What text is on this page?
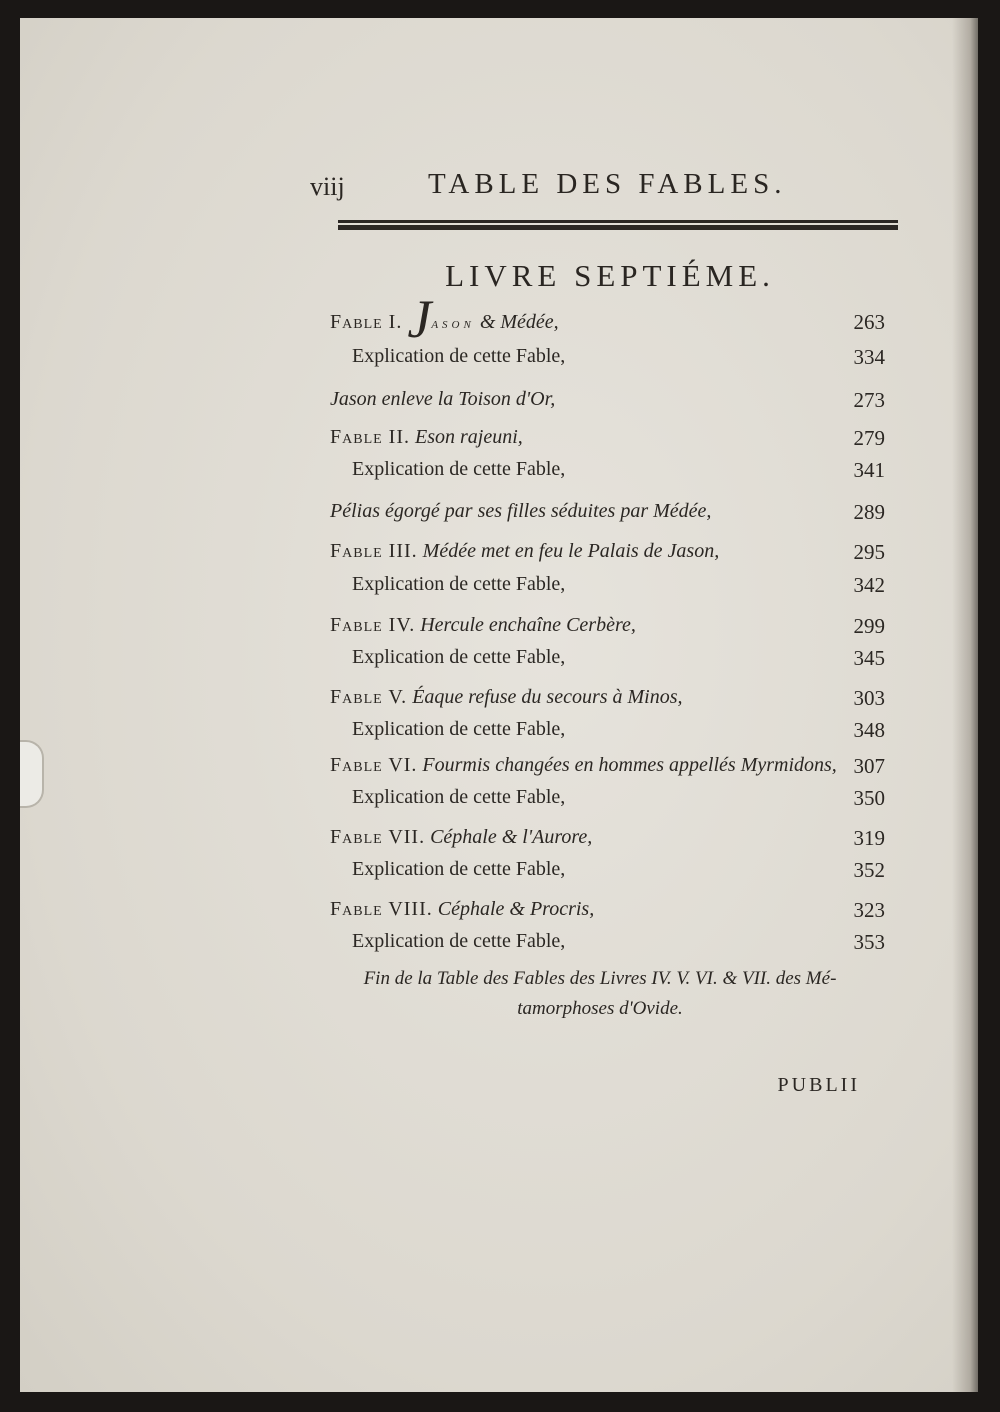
viij	TABLE DES FABLES.
LIVRE SEPTIÉME.
Fable I. Jason & Médée,	263
Explication de cette Fable,	334
Jason enleve la Toison d'Or,	273
Fable II. Eson rajeuni,	279
Explication de cette Fable,	341
Pélias égorgé par ses filles séduites par Médée,	289
Fable III. Médée met en feu le Palais de Jason,	295
Explication de cette Fable,	342
Fable IV. Hercule enchaîne Cerbère,	299
Explication de cette Fable,	345
Fable V. Éaque refuse du secours à Minos,	303
Explication de cette Fable,	348
Fable VI. Fourmis changées en hommes appellés Myrmidons, 307
Explication de cette Fable,	350
Fable VII. Céphale & l'Aurore,	319
Explication de cette Fable,	352
Fable VIII. Céphale & Procris,	323
Explication de cette Fable,	353
Fin de la Table des Fables des Livres IV. V. VI. & VII. des Mé-
tamorphoses d'Ovide.
PUBLII
